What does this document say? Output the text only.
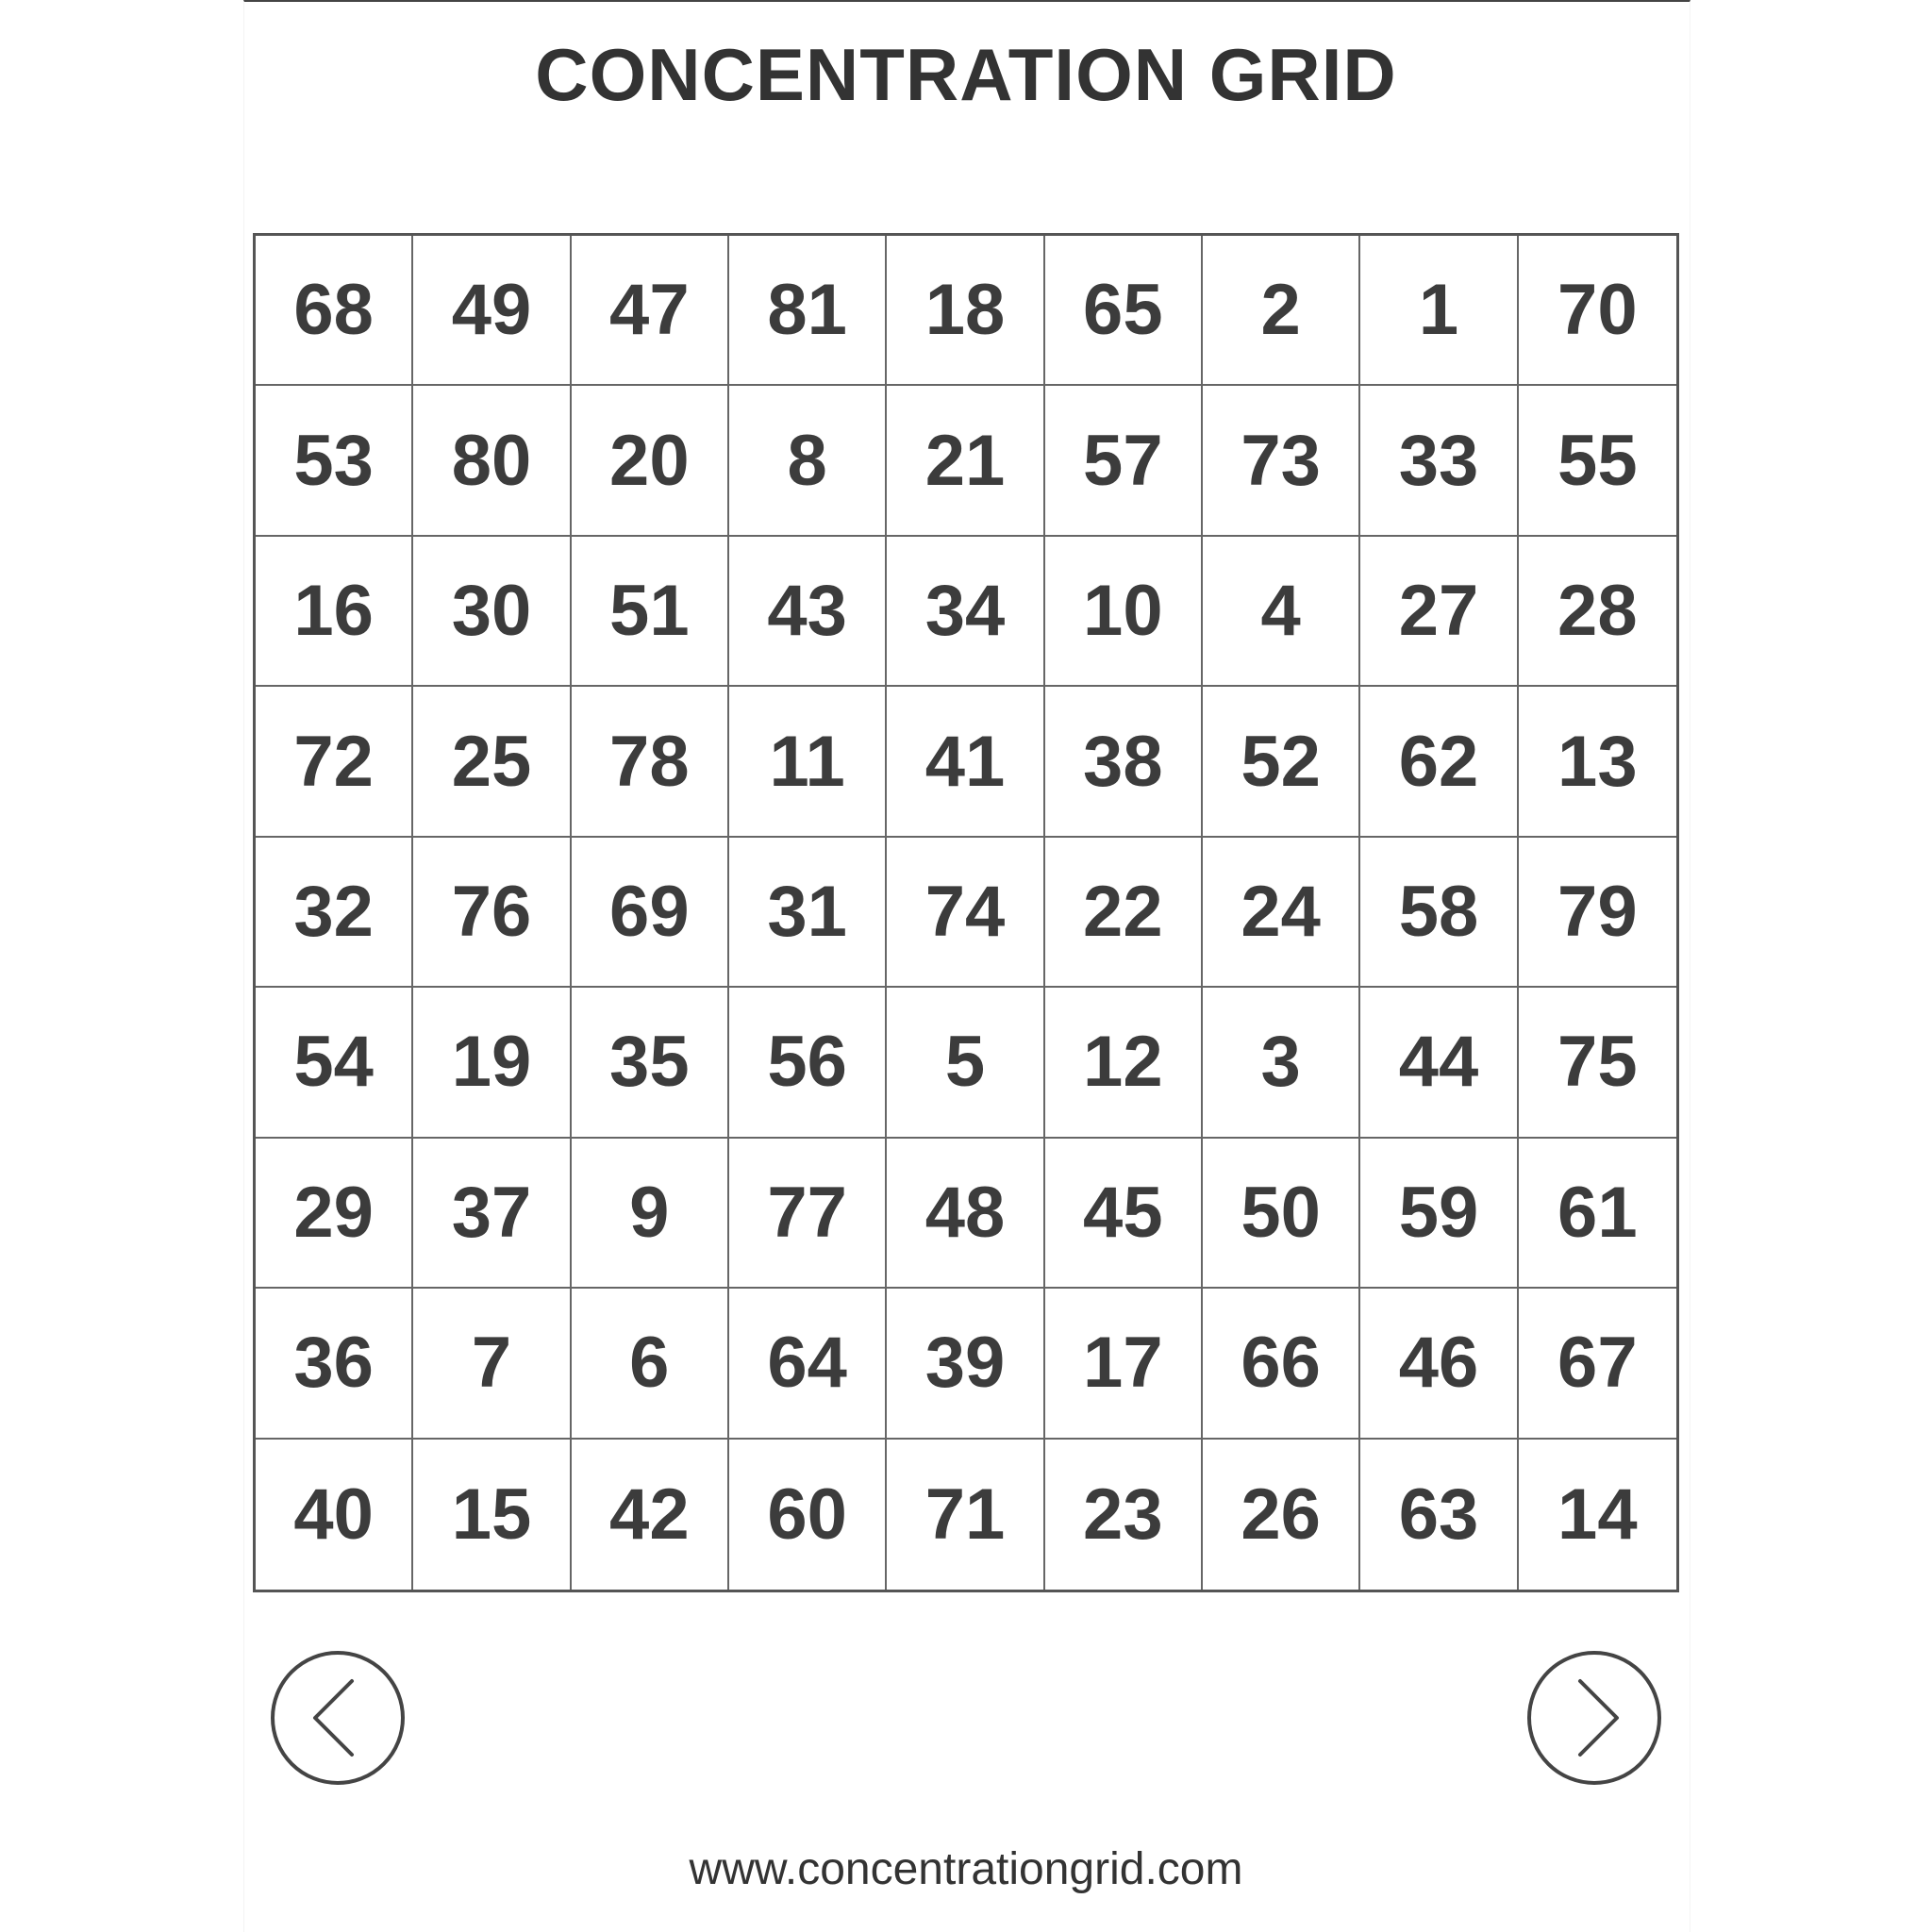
CONCENTRATION GRID
68	49	47	81	18	65	2	1	70
53	80	20	8	21	57	73	33	55
16	30	51	43	34	10	4	27	28
72	25	78	11	41	38	52	62	13
32	76	69	31	74	22	24	58	79
54	19	35	56	5	12	3	44	75
29	37	9	77	48	45	50	59	61
36	7	6	64	39	17	66	46	67
40	15	42	60	71	23	26	63	14
www.concentrationgrid.com
